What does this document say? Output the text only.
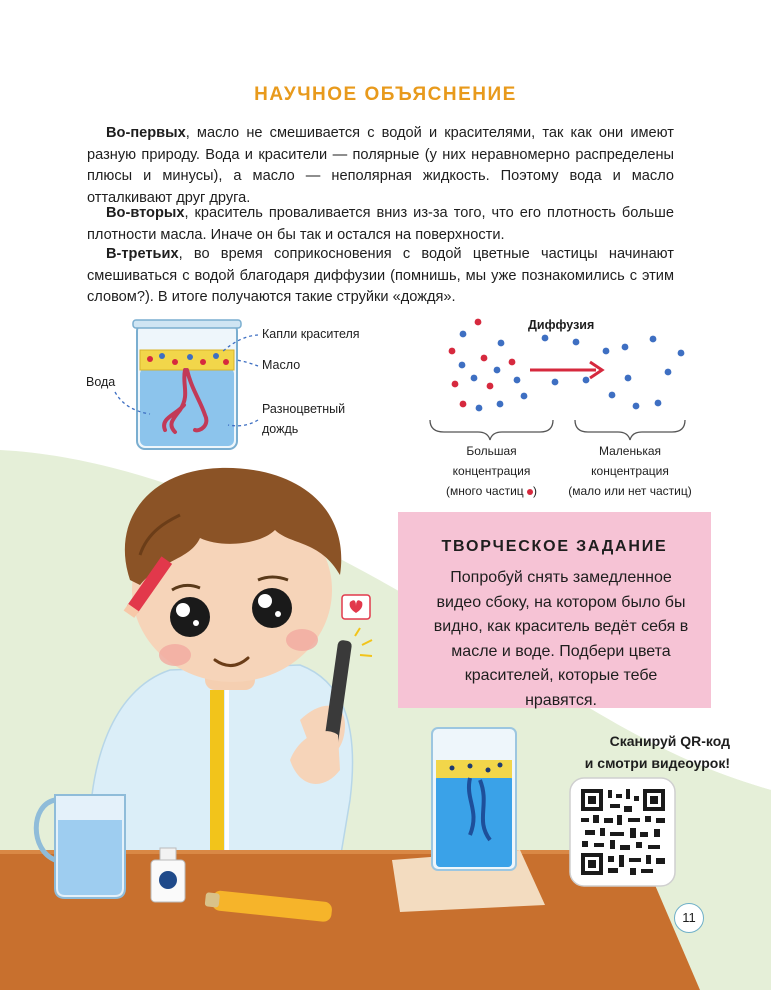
НАУЧНОЕ ОБЪЯСНЕНИЕ

Во-первых, масло не смешивается с водой и красителями, так как они имеют разную природу. Вода и красители — полярные (у них неравномерно распределены плюсы и минусы), а масло — неполярная жидкость. Поэтому вода и масло отталкивают друг друга.

Во-вторых, краситель проваливается вниз из-за того, что его плотность больше плотности масла. Иначе он бы так и остался на поверхности.

В-третьих, во время соприкосновения с водой цветные частицы начинают смешиваться с водой благодаря диффузии (помнишь, мы уже познакомились с этим словом?). В итоге получаются такие струйки «дождя».

Капли красителя
Масло
Вода
Разноцветный
дождь
Диффузия
Большая
концентрация
(много частиц )
Маленькая
концентрация
(мало или нет частиц)
ТВОРЧЕСКОЕ ЗАДАНИЕ
Попробуй снять замедленное видео сбоку, на котором было бы видно, как краситель ведёт себя в масле и воде. Подбери цвета красителей, которые тебе нравятся.
Сканируй QR-код
и смотри видеоурок!
11
